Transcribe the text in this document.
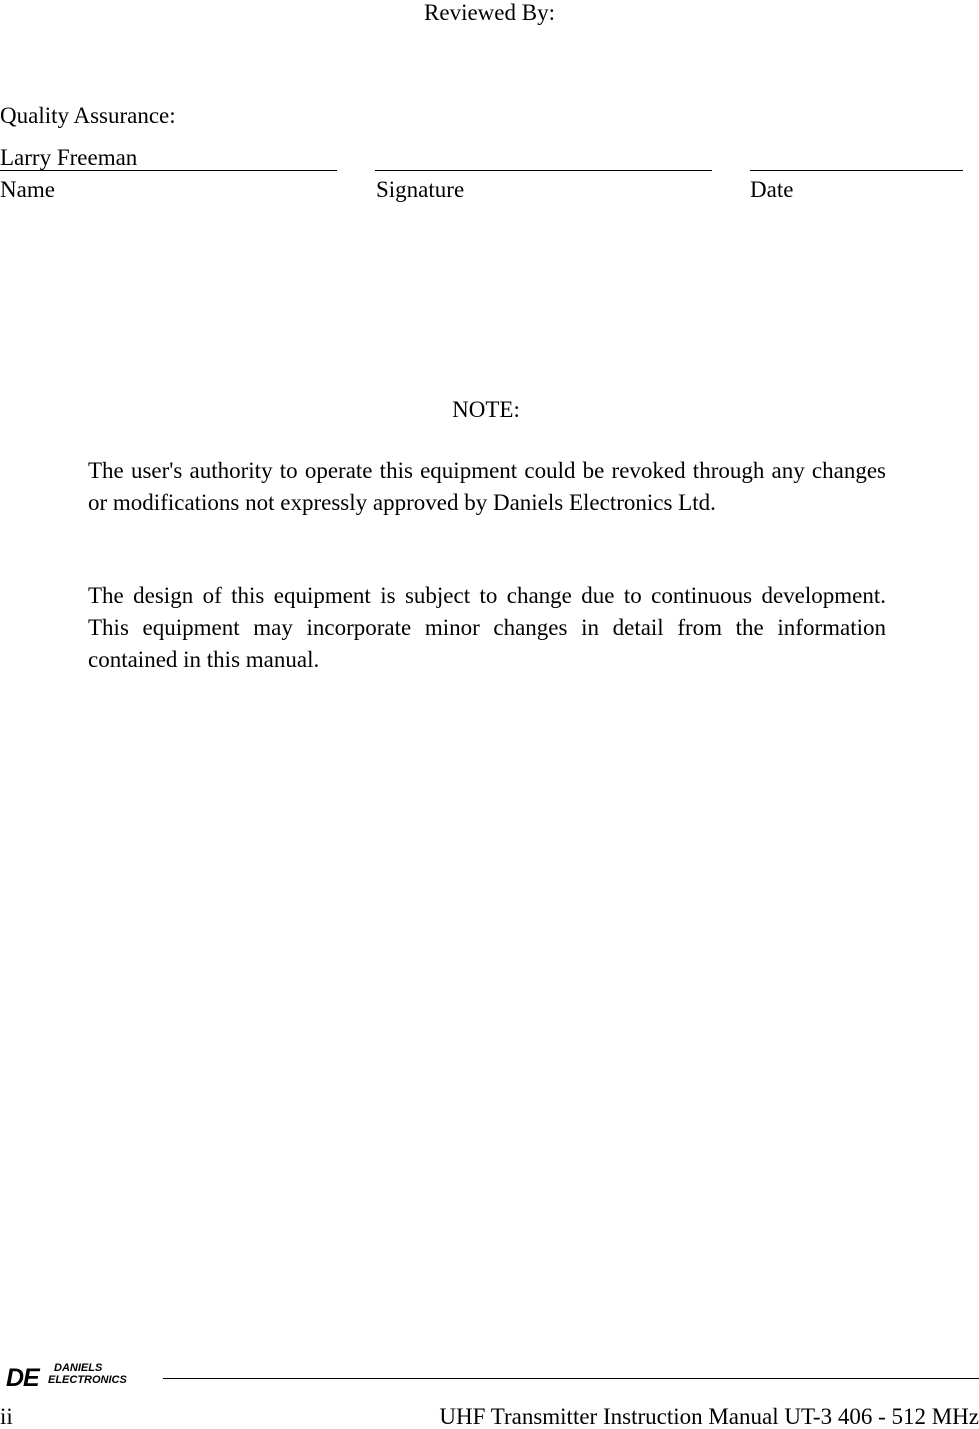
Reviewed By:
Quality Assurance:
Larry Freeman
Name	Signature	Date
NOTE:
The user's authority to operate this equipment could be revoked through any changes or modifications not expressly approved by Daniels Electronics Ltd.
The design of this equipment is subject to change due to continuous development. This equipment may incorporate minor changes in detail from the information contained in this manual.
DE	DANIELS
ELECTRONICS
ii	UHF Transmitter Instruction Manual UT-3 406 - 512 MHz
